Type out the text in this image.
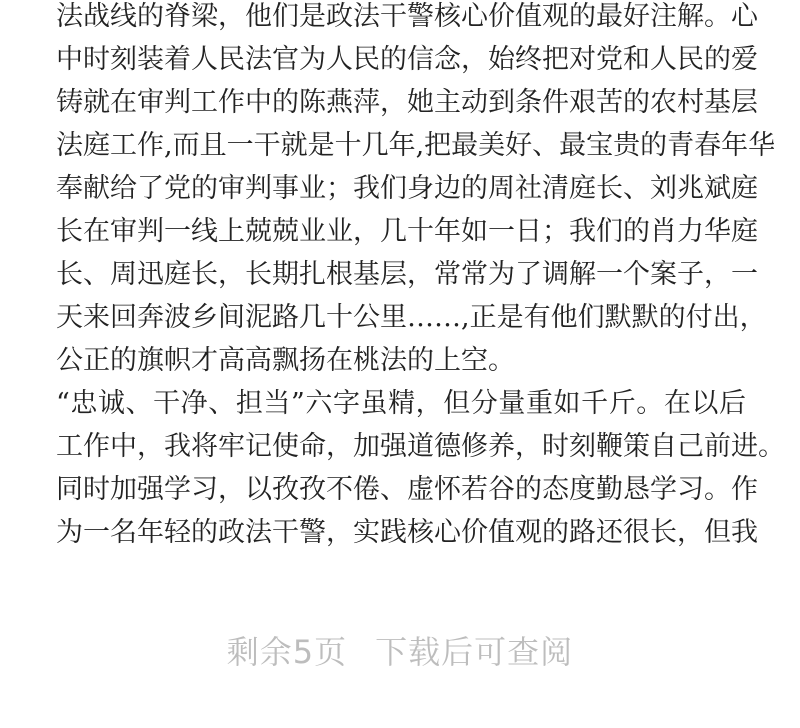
法战线的脊梁，他们是政法干警核心价值观的最好注解。心
中时刻装着人民法官为人民的信念，始终把对党和人民的爱
铸就在审判工作中的陈燕萍，她主动到条件艰苦的农村基层
法庭工作,而且一干就是十几年,把最美好、最宝贵的青春年华
奉献给了党的审判事业；我们身边的周社清庭长、刘兆斌庭
长在审判一线上兢兢业业，几十年如一日；我们的肖力华庭
长、周迅庭长，长期扎根基层，常常为了调解一个案子，一
天来回奔波乡间泥路几十公里……,正是有他们默默的付出，
公正的旗帜才高高飘扬在桃法的上空。
“忠诚、干净、担当”六字虽精，但分量重如千斤。在以后
工作中，我将牢记使命，加强道德修养，时刻鞭策自己前进。
同时加强学习，以孜孜不倦、虚怀若谷的态度勤恳学习。作
为一名年轻的政法干警，实践核心价值观的路还很长，但我
剩余5页 下载后可查阅
